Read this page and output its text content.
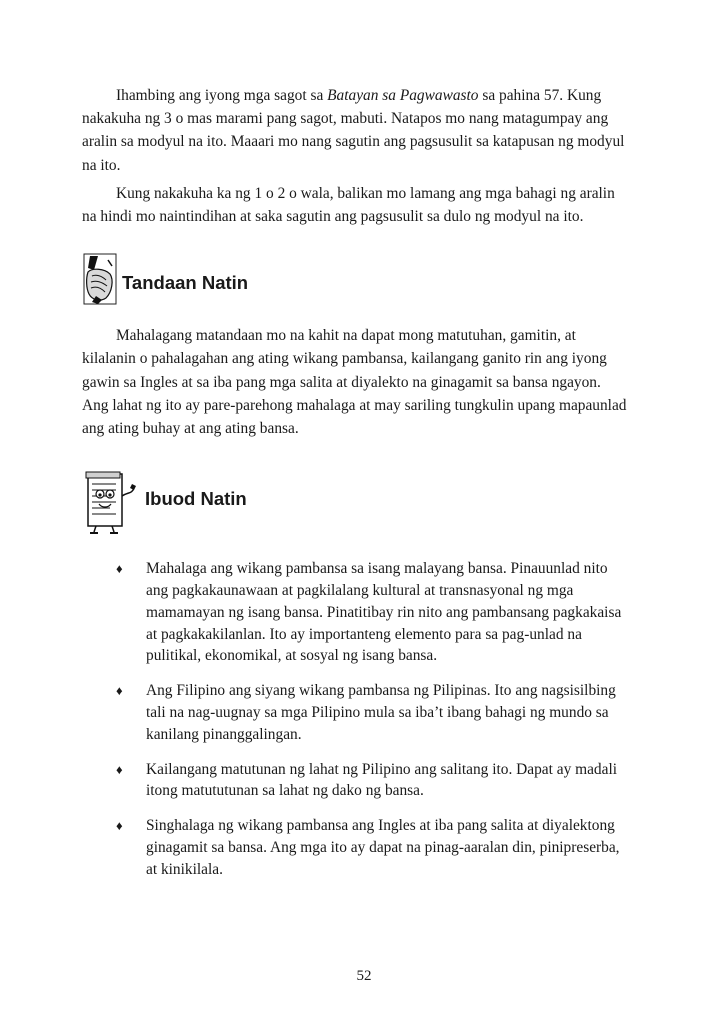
Ihambing ang iyong mga sagot sa Batayan sa Pagwawasto sa pahina 57. Kung nakakuha ng 3 o mas marami pang sagot, mabuti. Natapos mo nang matagumpay ang aralin sa modyul na ito. Maaari mo nang sagutin ang pagsusulit sa katapusan ng modyul na ito.

Kung nakakuha ka ng 1 o 2 o wala, balikan mo lamang ang mga bahagi ng aralin na hindi mo naintindihan at saka sagutin ang pagsusulit sa dulo ng modyul na ito.

Tandaan Natin

Mahalagang matandaan mo na kahit na dapat mong matutuhan, gamitin, at kilalanin o pahalagahan ang ating wikang pambansa, kailangang ganito rin ang iyong gawin sa Ingles at sa iba pang mga salita at diyalekto na ginagamit sa bansa ngayon. Ang lahat ng ito ay pare-parehong mahalaga at may sariling tungkulin upang mapaunlad ang ating buhay at ang ating bansa.

Ibuod Natin
♦ Mahalaga ang wikang pambansa sa isang malayang bansa. Pinauunlad nito ang pagkakaunawaan at pagkilalang kultural at transnasyonal ng mga mamamayan ng isang bansa. Pinatitibay rin nito ang pambansang pagkakaisa at pagkakakilanlan. Ito ay importanteng elemento para sa pag-unlad na pulitikal, ekonomikal, at sosyal ng isang bansa.
♦ Ang Filipino ang siyang wikang pambansa ng Pilipinas. Ito ang nagsisilbing tali na nag-uugnay sa mga Pilipino mula sa iba’t ibang bahagi ng mundo sa kanilang pinanggalingan.
♦ Kailangang matutunan ng lahat ng Pilipino ang salitang ito. Dapat ay madali itong matututunan sa lahat ng dako ng bansa.
♦ Singhalaga ng wikang pambansa ang Ingles at iba pang salita at diyalektong ginagamit sa bansa. Ang mga ito ay dapat na pinag-aaralan din, pinipreserba, at kinikilala.
52
